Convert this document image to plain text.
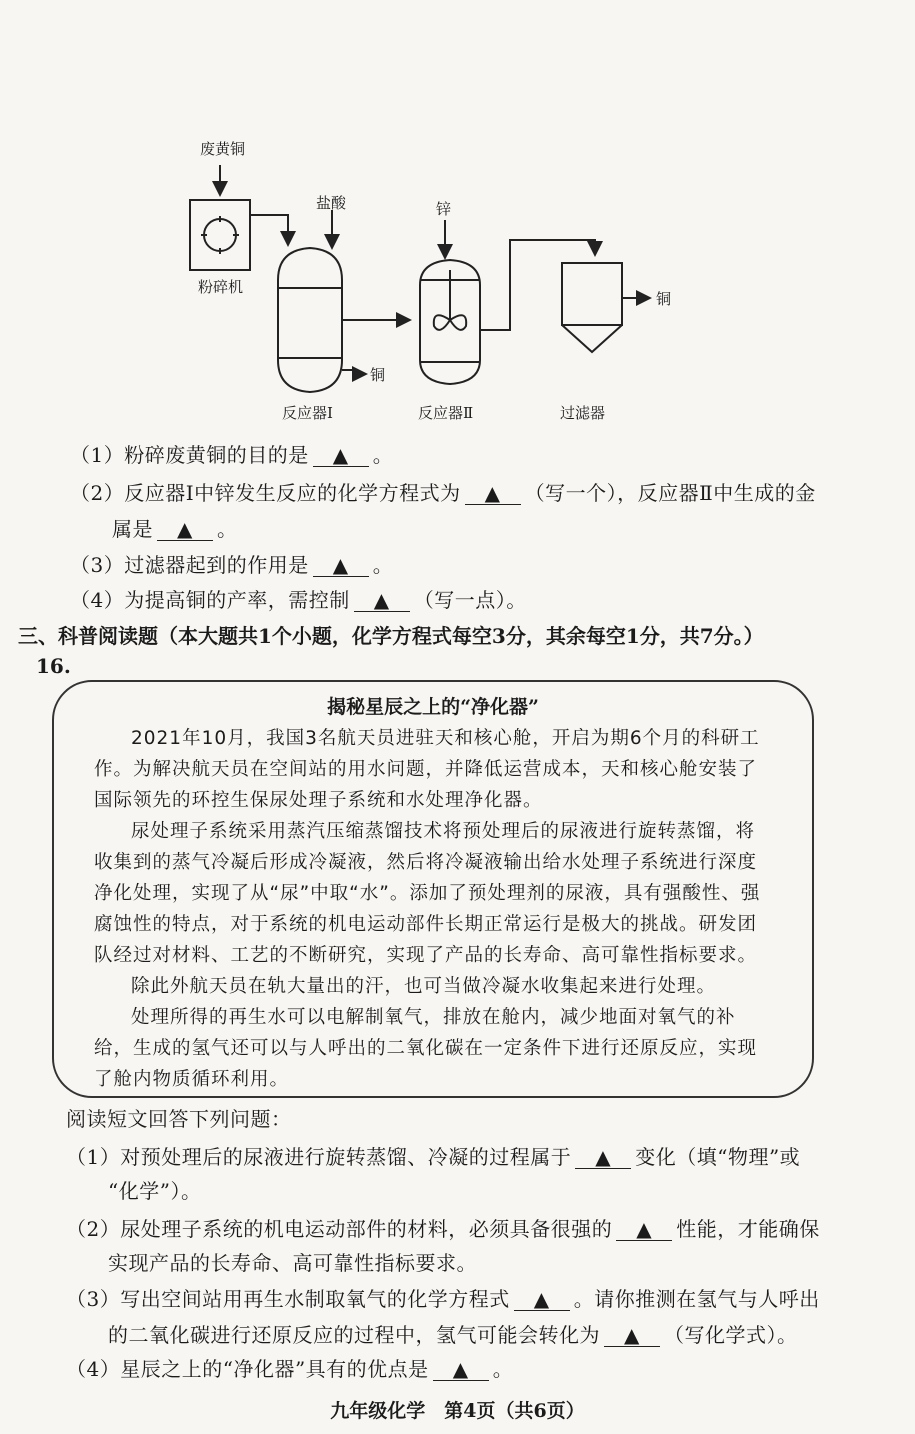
废黄铜
盐酸	锌
粉碎机
铜
铜
反应器Ⅰ	反应器Ⅱ	过滤器
（1）粉碎废黄铜的目的是 ▲ 。
（2）反应器Ⅰ中锌发生反应的化学方程式为 ▲ （写一个），反应器Ⅱ中生成的金
属是 ▲ 。
（3）过滤器起到的作用是 ▲ 。
（4）为提高铜的产率，需控制 ▲ （写一点）。
三、科普阅读题（本大题共1个小题，化学方程式每空3分，其余每空1分，共7分。）
16.
揭秘星辰之上的“净化器”

2021年10月，我国3名航天员进驻天和核心舱，开启为期6个月的科研工作。为解决航天员在空间站的用水问题，并降低运营成本，天和核心舱安装了国际领先的环控生保尿处理子系统和水处理净化器。

尿处理子系统采用蒸汽压缩蒸馏技术将预处理后的尿液进行旋转蒸馏，将收集到的蒸气冷凝后形成冷凝液，然后将冷凝液输出给水处理子系统进行深度净化处理，实现了从“尿”中取“水”。添加了预处理剂的尿液，具有强酸性、强腐蚀性的特点，对于系统的机电运动部件长期正常运行是极大的挑战。研发团队经过对材料、工艺的不断研究，实现了产品的长寿命、高可靠性指标要求。

除此外航天员在轨大量出的汗，也可当做冷凝水收集起来进行处理。

处理所得的再生水可以电解制氧气，排放在舱内，减少地面对氧气的补给，生成的氢气还可以与人呼出的二氧化碳在一定条件下进行还原反应，实现了舱内物质循环利用。

阅读短文回答下列问题：
（1）对预处理后的尿液进行旋转蒸馏、冷凝的过程属于 ▲ 变化（填“物理”或
“化学”）。
（2）尿处理子系统的机电运动部件的材料，必须具备很强的 ▲ 性能，才能确保
实现产品的长寿命、高可靠性指标要求。
（3）写出空间站用再生水制取氧气的化学方程式 ▲ 。请你推测在氢气与人呼出
的二氧化碳进行还原反应的过程中，氢气可能会转化为 ▲ （写化学式）。
（4）星辰之上的“净化器”具有的优点是 ▲ 。
九年级化学　第4页（共6页）
